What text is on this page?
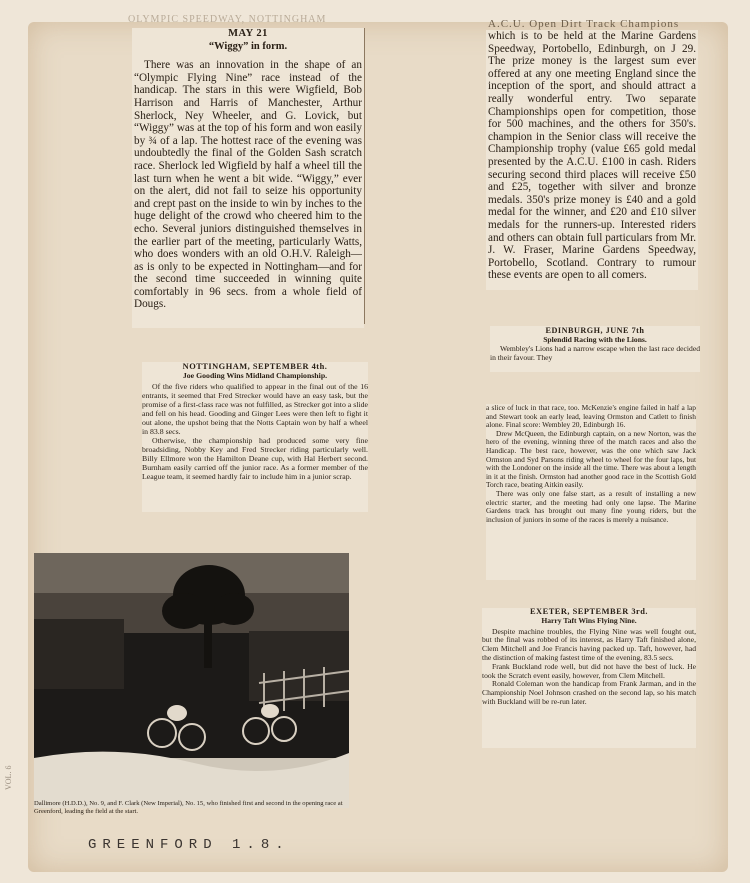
OLYMPIC SPEEDWAY, NOTTINGHAM	A.C.U. Open Dirt Track Champions
MAY 21
“Wiggy” in form.

There was an innovation in the shape of an “Olympic Flying Nine” race instead of the handicap. The stars in this were Wigfield, Bob Harrison and Harris of Manchester, Arthur Sherlock, Ney Wheeler, and G. Lovick, but “Wiggy” was at the top of his form and won easily by ¾ of a lap. The hottest race of the evening was undoubtedly the final of the Golden Sash scratch race. Sherlock led Wigfield by half a wheel till the last turn when he went a bit wide. “Wiggy,” ever on the alert, did not fail to seize his opportunity and crept past on the inside to win by inches to the huge delight of the crowd who cheered him to the echo. Several juniors distinguished themselves in the earlier part of the meeting, particularly Watts, who does wonders with an old O.H.V. Raleigh—as is only to be expected in Nottingham—and for the second time succeeded in winning quite comfortably in 96 secs. from a whole field of Dougs.

which is to be held at the Marine Gardens Speedway, Portobello, Edinburgh, on J 29. The prize money is the largest sum ever offered at any one meeting England since the inception of the sport, and should attract a really wonderful entry. Two separate Championships open for competition, those for 500 machines, and the others for 350's. champion in the Senior class will receive the Championship trophy (value £65 gold medal presented by the A.C.U. £100 in cash. Riders securing second third places will receive £50 and £25, together with silver and bronze medals. 350's prize money is £40 and a gold medal for the winner, and £20 and £10 silver medals for the runners-up. Interested riders and others can obtain full particulars from Mr. J. W. Fraser, Marine Gardens Speedway, Portobello, Scotland. Contrary to rumour these events are open to all comers.

NOTTINGHAM, SEPTEMBER 4th.
Joe Gooding Wins Midland Championship.

Of the five riders who qualified to appear in the final out of the 16 entrants, it seemed that Fred Strecker would have an easy task, but the promise of a first-class race was not fulfilled, as Strecker got into a slide and fell on his head. Gooding and Ginger Lees were then left to fight it out alone, the upshot being that the Notts Captain won by half a wheel in 83.8 secs.

Otherwise, the championship had produced some very fine broadsiding, Nobby Key and Fred Strecker riding particularly well. Billy Ellmore won the Hamilton Deane cup, with Hal Herbert second. Burnham easily carried off the junior race. As a former member of the League team, it seemed hardly fair to include him in a junior scrap.

EDINBURGH, JUNE 7th
Splendid Racing with the Lions.

Wembley's Lions had a narrow escape when the last race decided in their favour. They

a slice of luck in that race, too. McKenzie's engine failed in half a lap and Stewart took an early lead, leaving Ormston and Catlett to finish alone. Final score: Wembley 20, Edinburgh 16.

Drew McQueen, the Edinburgh captain, on a new Norton, was the hero of the evening, winning three of the match races and also the Handicap. The best race, however, was the one which saw Jack Ormston and Syd Parsons riding wheel to wheel for the four laps, but with the Londoner on the inside all the time. There was about a length in it at the finish. Ormston had another good race in the Scottish Gold Torch race, beating Aitkin easily.

There was only one false start, as a result of installing a new electric starter, and the meeting had only one lapse. The Marine Gardens track has brought out many fine young riders, but the inclusion of juniors in some of the races is merely a nuisance.

EXETER, SEPTEMBER 3rd.
Harry Taft Wins Flying Nine.

Despite machine troubles, the Flying Nine was well fought out, but the final was robbed of its interest, as Harry Taft finished alone, Clem Mitchell and Joe Francis having packed up. Taft, however, had the distinction of making fastest time of the evening, 83.5 secs.

Frank Buckland rode well, but did not have the best of luck. He took the Scratch event easily, however, from Clem Mitchell.

Ronald Coleman won the handicap from Frank Jarman, and in the Championship Noel Johnson crashed on the second lap, so his match with Buckland will be re-run later.

Dallimore (H.D.D.), No. 9, and F. Clark (New Imperial), No. 15, who finished first and second in the opening race at Greenford, leading the field at the start.
GREENFORD 1.8.
VOL. 6
